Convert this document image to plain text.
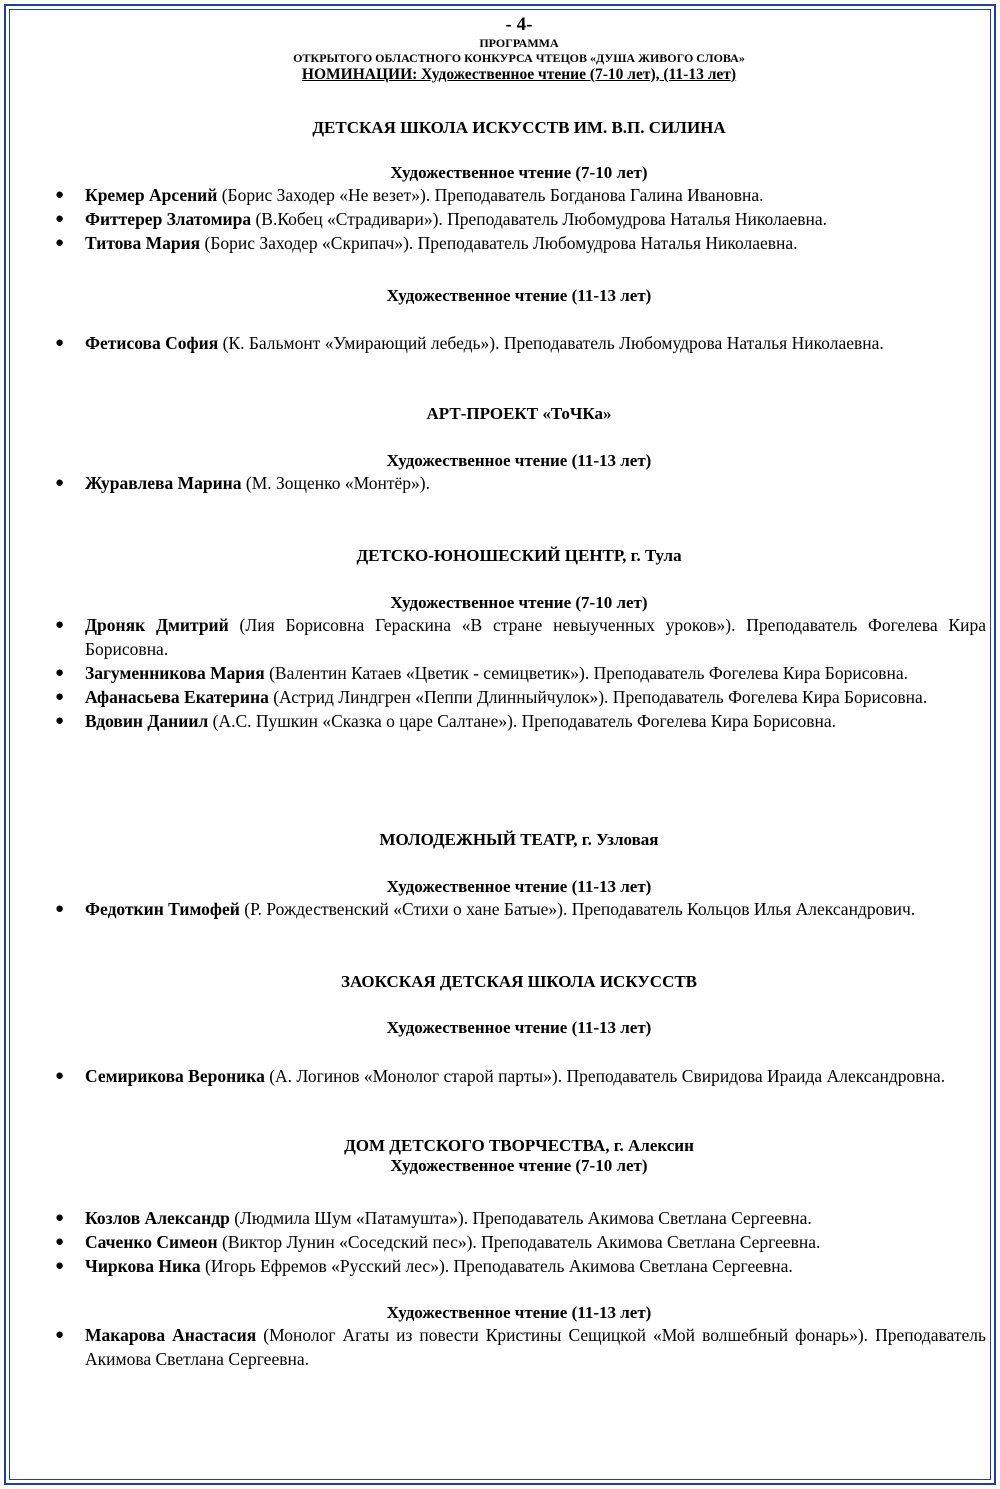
- 4-
ПРОГРАММА
ОТКРЫТОГО ОБЛАСТНОГО КОНКУРСА ЧТЕЦОВ «ДУША ЖИВОГО СЛОВА»
НОМИНАЦИИ: Художественное чтение (7-10 лет), (11-13 лет)
ДЕТСКАЯ ШКОЛА ИСКУССТВ ИМ. В.П. СИЛИНА
Художественное чтение (7-10 лет)
● Кремер Арсений (Борис Заходер «Не везет»). Преподаватель Богданова Галина Ивановна.
● Фиттерер Златомира (В.Кобец «Страдивари»). Преподаватель Любомудрова Наталья Николаевна.
● Титова Мария (Борис Заходер «Скрипач»). Преподаватель Любомудрова Наталья Николаевна.
Художественное чтение (11-13 лет)
● Фетисова София (К. Бальмонт «Умирающий лебедь»). Преподаватель Любомудрова Наталья Николаевна.
АРТ-ПРОЕКТ «ТоЧКа»
Художественное чтение (11-13 лет)
● Журавлева Марина (М. Зощенко «Монтёр»).
ДЕТСКО-ЮНОШЕСКИЙ ЦЕНТР, г. Тула
Художественное чтение (7-10 лет)
● Дроняк Дмитрий (Лия Борисовна Гераскина «В стране невыученных уроков»). Преподаватель Фогелева Кира Борисовна.
● Загуменникова Мария (Валентин Катаев «Цветик - семицветик»). Преподаватель Фогелева Кира Борисовна.
● Афанасьева Екатерина (Астрид Линдгрен «Пеппи Длинныйчулок»). Преподаватель Фогелева Кира Борисовна.
● Вдовин Даниил (А.С. Пушкин «Сказка о царе Салтане»). Преподаватель Фогелева Кира Борисовна.
МОЛОДЕЖНЫЙ ТЕАТР, г. Узловая
Художественное чтение (11-13 лет)
● Федоткин Тимофей (Р. Рождественский «Стихи о хане Батые»). Преподаватель Кольцов Илья Александрович.
ЗАОКСКАЯ ДЕТСКАЯ ШКОЛА ИСКУССТВ
Художественное чтение (11-13 лет)
● Семирикова Вероника (А. Логинов «Монолог старой парты»). Преподаватель Свиридова Ираида Александровна.
ДОМ ДЕТСКОГО ТВОРЧЕСТВА, г. Алексин
Художественное чтение (7-10 лет)
● Козлов Александр (Людмила Шум «Патамушта»). Преподаватель Акимова Светлана Сергеевна.
● Саченко Симеон (Виктор Лунин «Соседский пес»). Преподаватель Акимова Светлана Сергеевна.
● Чиркова Ника (Игорь Ефремов «Русский лес»). Преподаватель Акимова Светлана Сергеевна.
Художественное чтение (11-13 лет)
● Макарова Анастасия (Монолог Агаты из повести Кристины Сещицкой «Мой волшебный фонарь»). Преподаватель Акимова Светлана Сергеевна.
